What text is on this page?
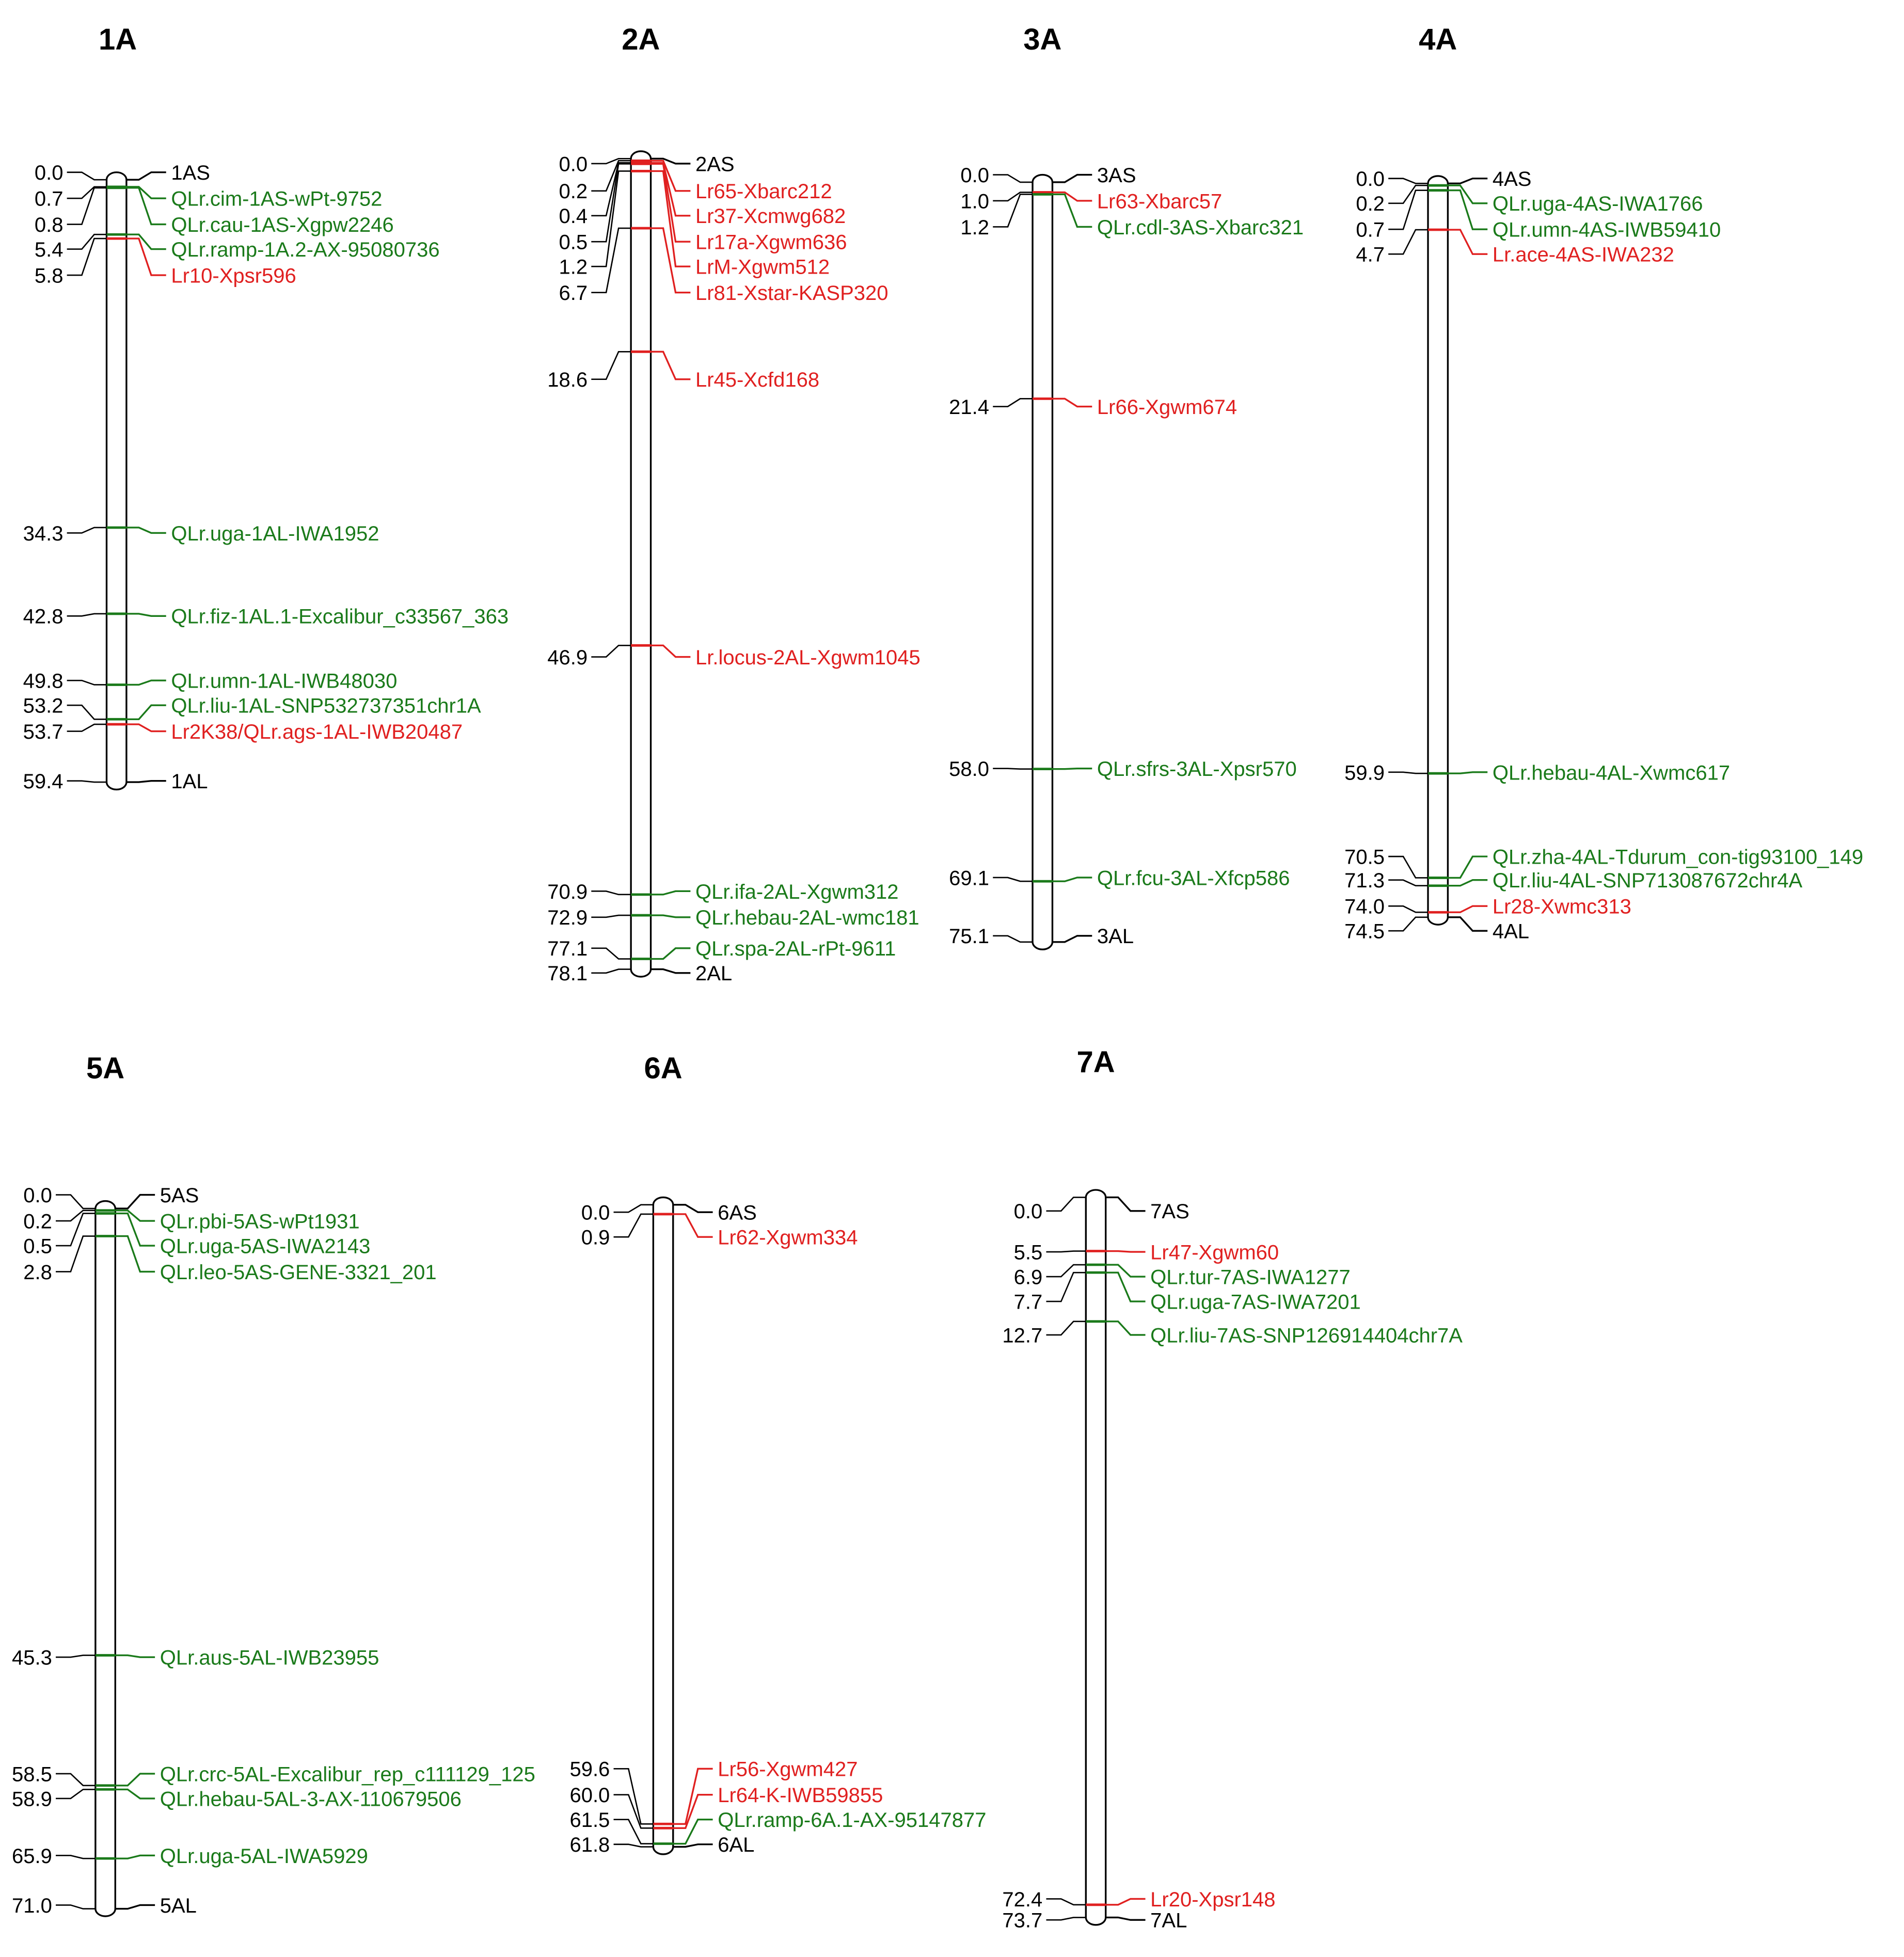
1A
0.0	1AS
0.7	QLr.cim-1AS-wPt-9752
0.8	QLr.cau-1AS-Xgpw2246
5.4	QLr.ramp-1A.2-AX-95080736
5.8	Lr10-Xpsr596
34.3	QLr.uga-1AL-IWA1952
42.8	QLr.fiz-1AL.1-Excalibur_c33567_363
49.8	QLr.umn-1AL-IWB48030
53.2	QLr.liu-1AL-SNP532737351chr1A
53.7	Lr2K38/QLr.ags-1AL-IWB20487
59.4	1AL
2A
0.0	2AS
0.2	Lr65-Xbarc212
0.4	Lr37-Xcmwg682
0.5	Lr17a-Xgwm636
1.2	LrM-Xgwm512
6.7	Lr81-Xstar-KASP320
18.6	Lr45-Xcfd168
46.9	Lr.locus-2AL-Xgwm1045
70.9	QLr.ifa-2AL-Xgwm312
72.9	QLr.hebau-2AL-wmc181
77.1	QLr.spa-2AL-rPt-9611
78.1	2AL
3A
0.0	3AS
1.0	Lr63-Xbarc57
1.2	QLr.cdl-3AS-Xbarc321
21.4	Lr66-Xgwm674
58.0	QLr.sfrs-3AL-Xpsr570
69.1	QLr.fcu-3AL-Xfcp586
75.1	3AL
4A
0.0	4AS
0.2	QLr.uga-4AS-IWA1766
0.7	QLr.umn-4AS-IWB59410
4.7	Lr.ace-4AS-IWA232
59.9	QLr.hebau-4AL-Xwmc617
70.5	QLr.zha-4AL-Tdurum_con-tig93100_149
71.3	QLr.liu-4AL-SNP713087672chr4A
74.0	Lr28-Xwmc313
74.5	4AL
5A
0.0	5AS
0.2	QLr.pbi-5AS-wPt1931
0.5	QLr.uga-5AS-IWA2143
2.8	QLr.leo-5AS-GENE-3321_201
45.3	QLr.aus-5AL-IWB23955
58.5	QLr.crc-5AL-Excalibur_rep_c111129_125
58.9	QLr.hebau-5AL-3-AX-110679506
65.9	QLr.uga-5AL-IWA5929
71.0	5AL
6A
0.0	6AS
0.9	Lr62-Xgwm334
59.6	Lr56-Xgwm427
60.0	Lr64-K-IWB59855
61.5	QLr.ramp-6A.1-AX-95147877
61.8	6AL
7A
0.0	7AS
5.5	Lr47-Xgwm60
6.9	QLr.tur-7AS-IWA1277
7.7	QLr.uga-7AS-IWA7201
12.7	QLr.liu-7AS-SNP126914404chr7A
72.4	Lr20-Xpsr148
73.7	7AL
